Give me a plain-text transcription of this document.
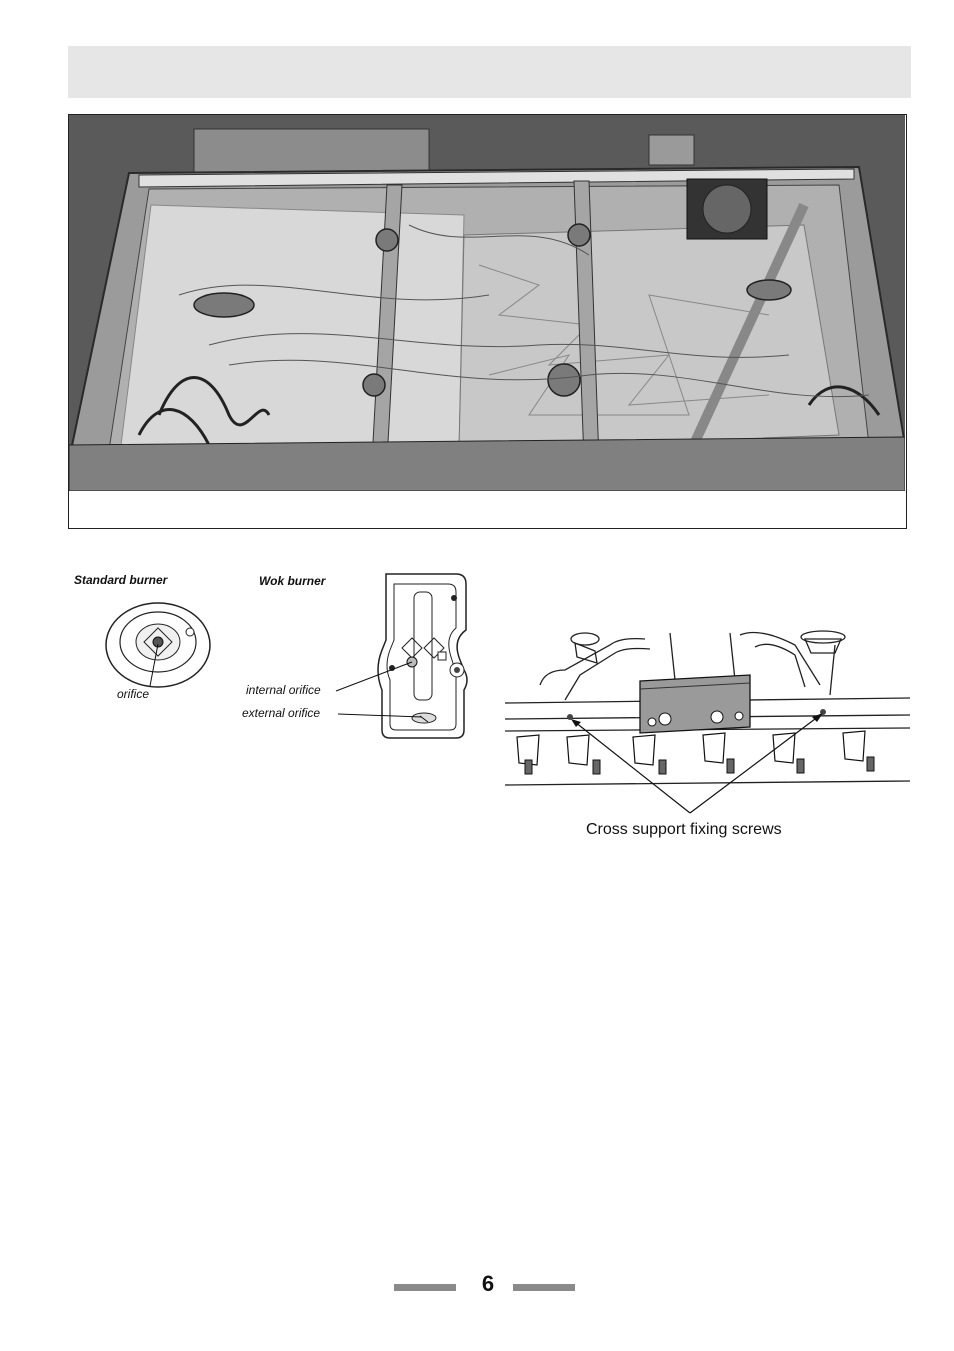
Standard burner
orifice
Wok burner
internal orifice
external orifice
Cross support fixing screws
6
